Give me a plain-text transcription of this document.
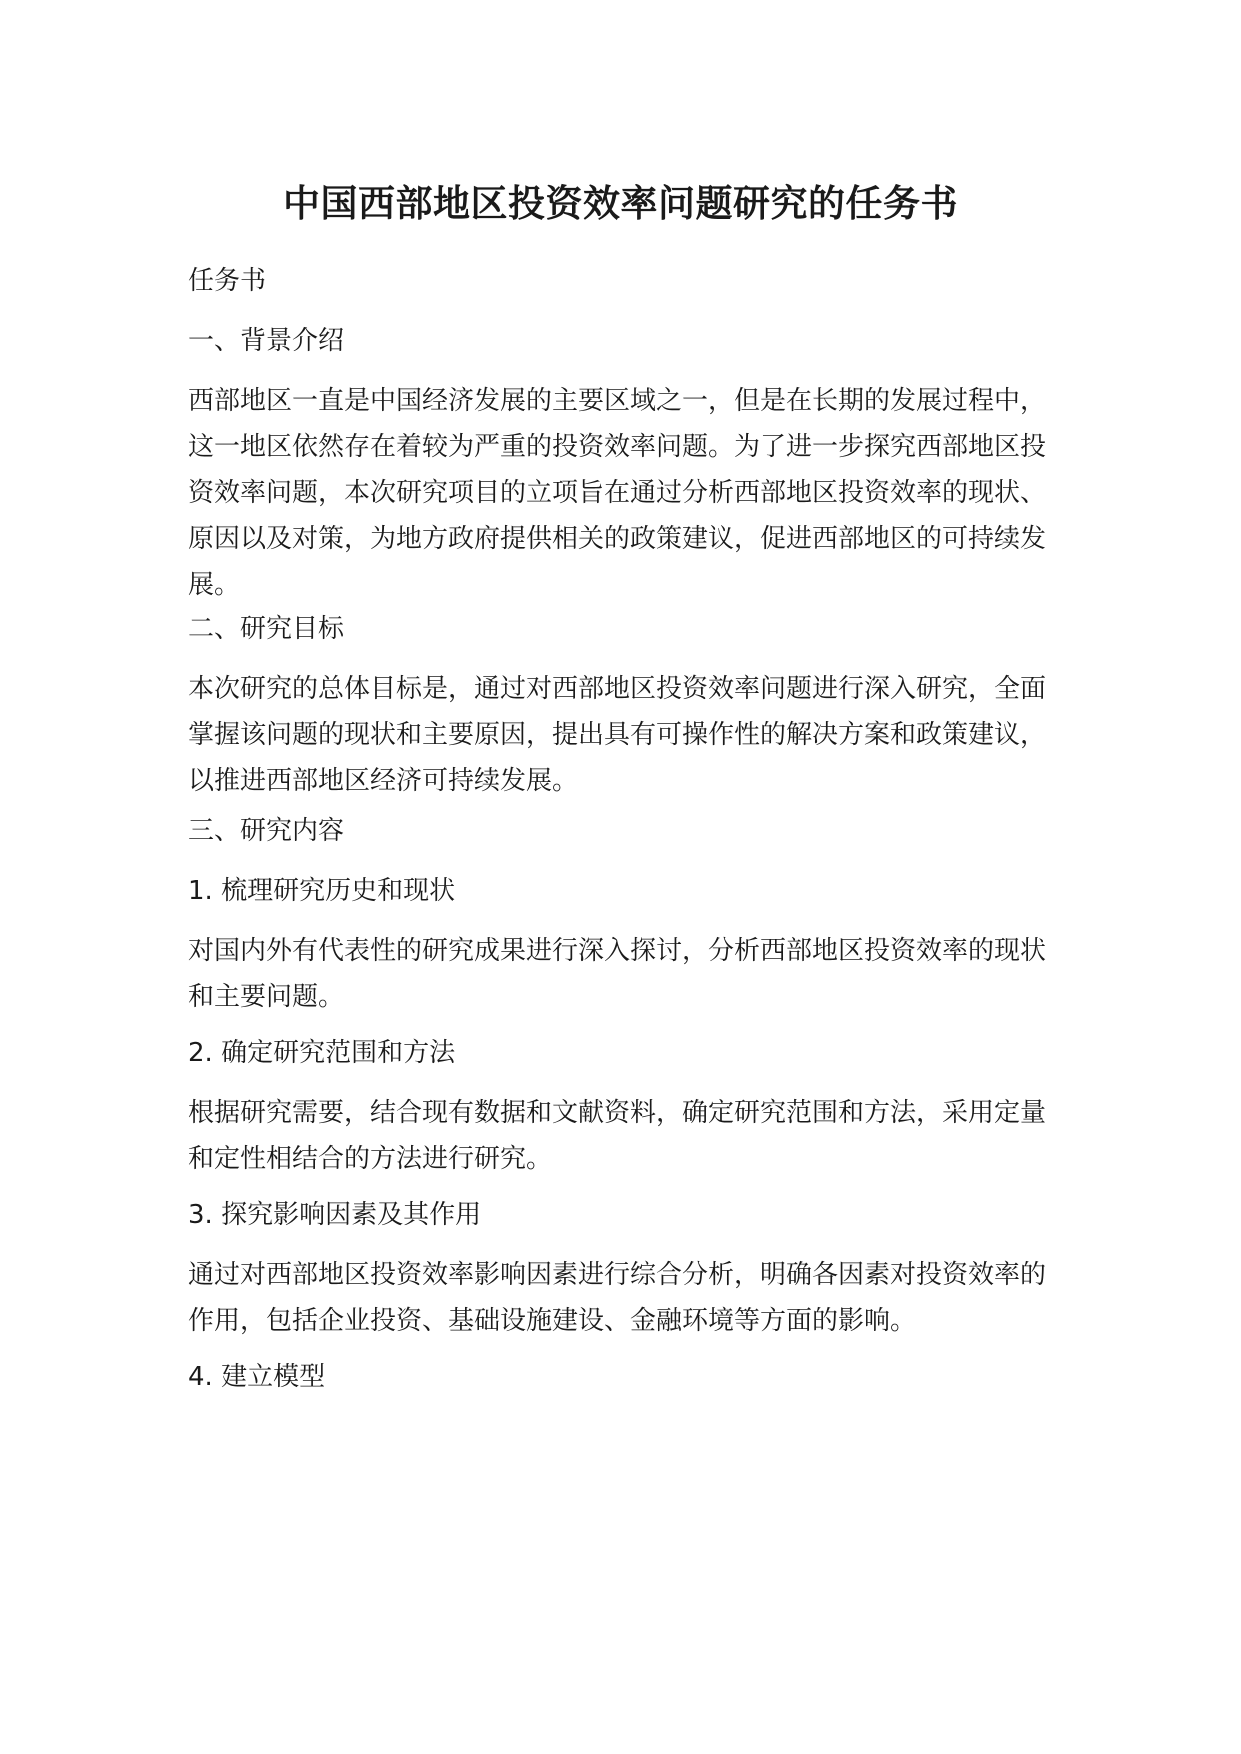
中国西部地区投资效率问题研究的任务书

任务书

一、背景介绍

西部地区一直是中国经济发展的主要区域之一，但是在长期的发展过程中，这一地区依然存在着较为严重的投资效率问题。为了进一步探究西部地区投资效率问题，本次研究项目的立项旨在通过分析西部地区投资效率的现状、原因以及对策，为地方政府提供相关的政策建议，促进西部地区的可持续发展。

二、研究目标

本次研究的总体目标是，通过对西部地区投资效率问题进行深入研究，全面掌握该问题的现状和主要原因，提出具有可操作性的解决方案和政策建议，以推进西部地区经济可持续发展。

三、研究内容

1. 梳理研究历史和现状

对国内外有代表性的研究成果进行深入探讨，分析西部地区投资效率的现状和主要问题。

2. 确定研究范围和方法

根据研究需要，结合现有数据和文献资料，确定研究范围和方法，采用定量和定性相结合的方法进行研究。

3. 探究影响因素及其作用

通过对西部地区投资效率影响因素进行综合分析，明确各因素对投资效率的作用，包括企业投资、基础设施建设、金融环境等方面的影响。

4. 建立模型
